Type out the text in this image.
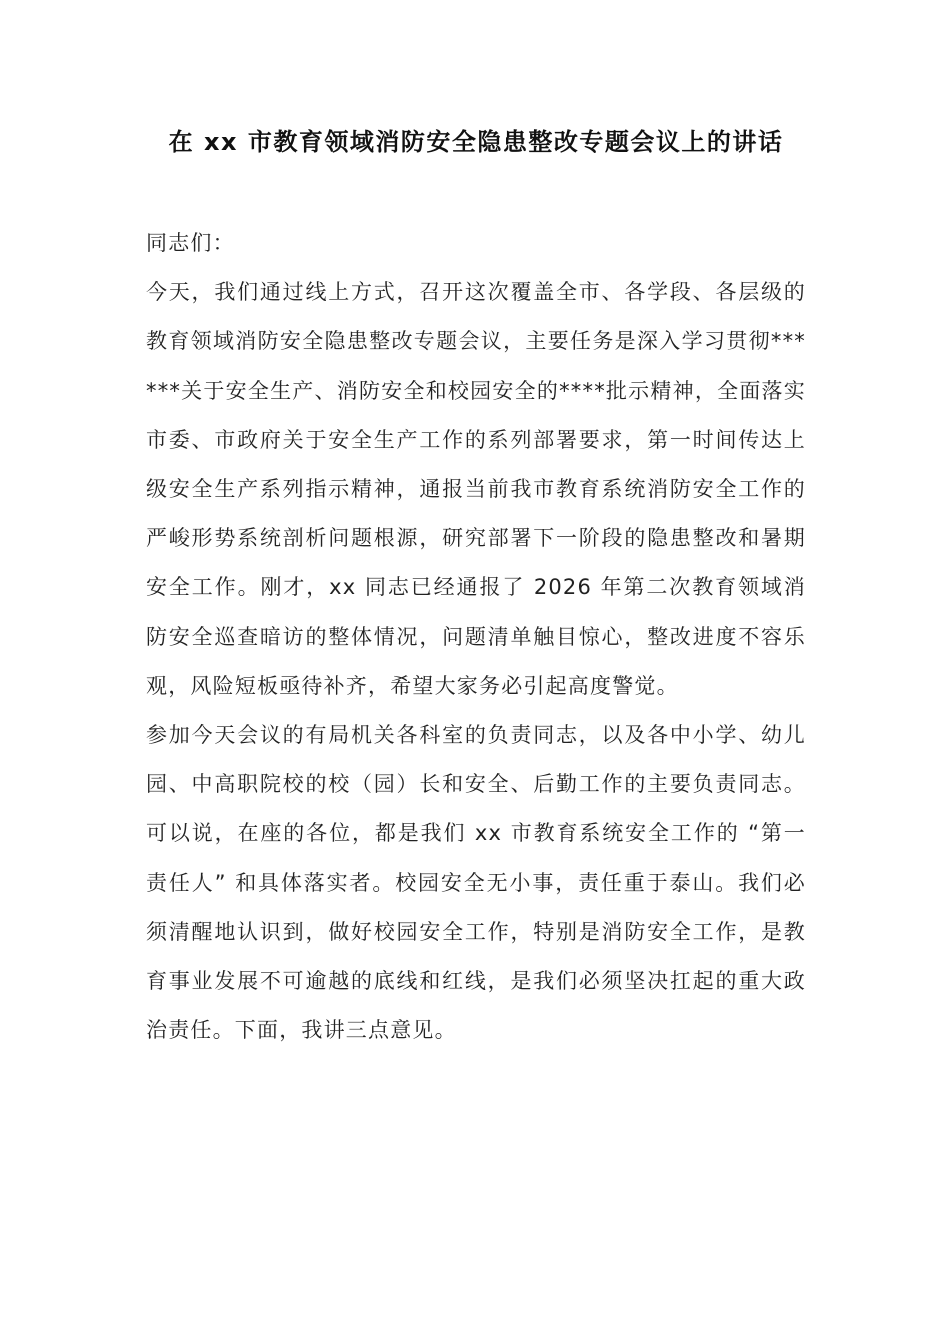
在 xx 市教育领域消防安全隐患整改专题会议上的讲话

同志们：

今天，我们通过线上方式，召开这次覆盖全市、各学段、各层级的教育领域消防安全隐患整改专题会议，主要任务是深入学习贯彻******关于安全生产、消防安全和校园安全的****批示精神，全面落实市委、市政府关于安全生产工作的系列部署要求，第一时间传达上级安全生产系列指示精神，通报当前我市教育系统消防安全工作的严峻形势系统剖析问题根源，研究部署下一阶段的隐患整改和暑期安全工作。刚才，xx 同志已经通报了 2026 年第二次教育领域消防安全巡查暗访的整体情况，问题清单触目惊心，整改进度不容乐观，风险短板亟待补齐，希望大家务必引起高度警觉。

参加今天会议的有局机关各科室的负责同志，以及各中小学、幼儿园、中高职院校的校（园）长和安全、后勤工作的主要负责同志。可以说，在座的各位，都是我们 xx 市教育系统安全工作的 “第一责任人” 和具体落实者。校园安全无小事，责任重于泰山。我们必须清醒地认识到，做好校园安全工作，特别是消防安全工作，是教育事业发展不可逾越的底线和红线，是我们必须坚决扛起的重大政治责任。下面，我讲三点意见。
